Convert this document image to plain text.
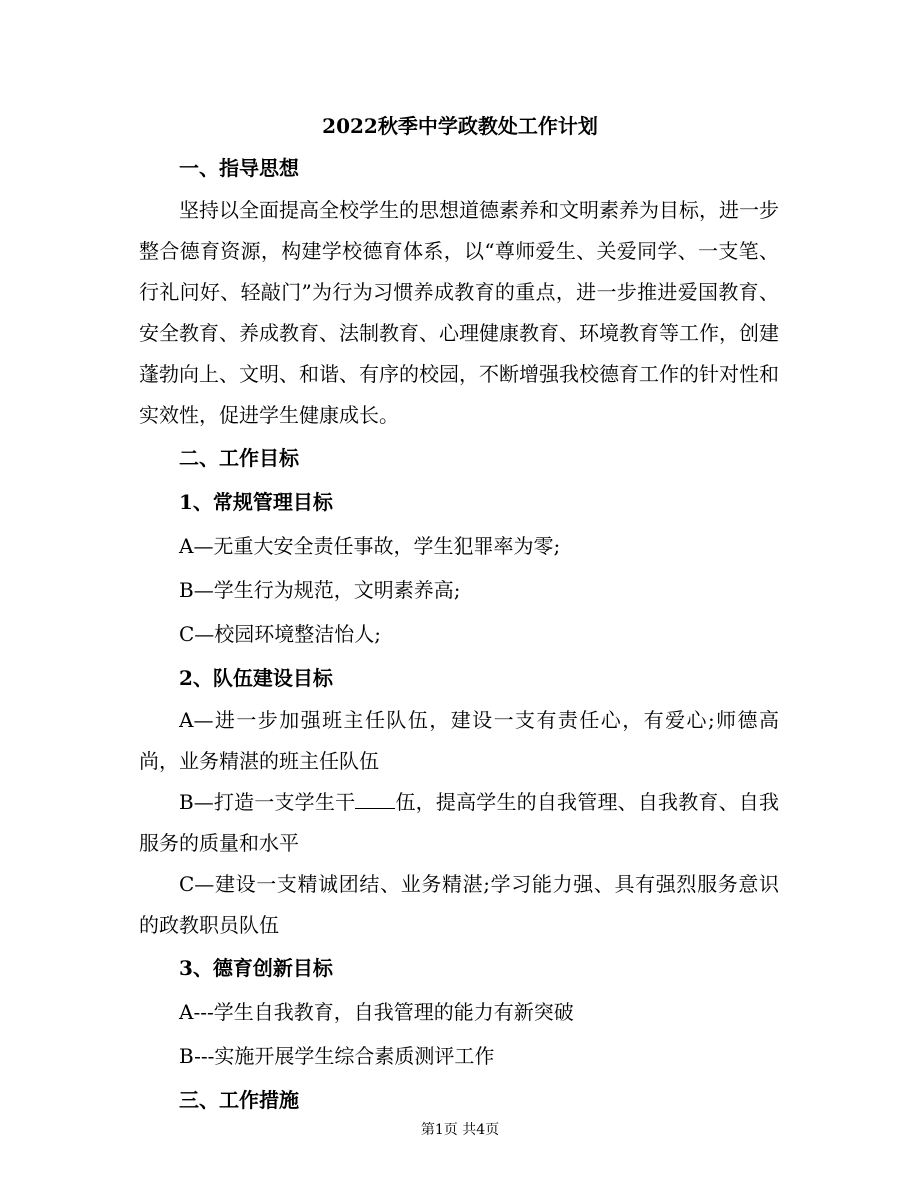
2022秋季中学政教处工作计划

一、指导思想

坚持以全面提高全校学生的思想道德素养和文明素养为目标，进一步整合德育资源，构建学校德育体系，以“尊师爱生、关爱同学、一支笔、行礼问好、轻敲门”为行为习惯养成教育的重点，进一步推进爱国教育、安全教育、养成教育、法制教育、心理健康教育、环境教育等工作，创建蓬勃向上、文明、和谐、有序的校园，不断增强我校德育工作的针对性和实效性，促进学生健康成长。

二、工作目标

1、常规管理目标

A—无重大安全责任事故，学生犯罪率为零;

B—学生行为规范，文明素养高;

C—校园环境整洁怡人;

2、队伍建设目标

A—进一步加强班主任队伍，建设一支有责任心，有爱心;师德高尚，业务精湛的班主任队伍

B—打造一支学生干 伍，提高学生的自我管理、自我教育、自我服务的质量和水平

C—建设一支精诚团结、业务精湛;学习能力强、具有强烈服务意识的政教职员队伍

3、德育创新目标

A---学生自我教育，自我管理的能力有新突破

B---实施开展学生综合素质测评工作

三、工作措施

第1页 共4页
